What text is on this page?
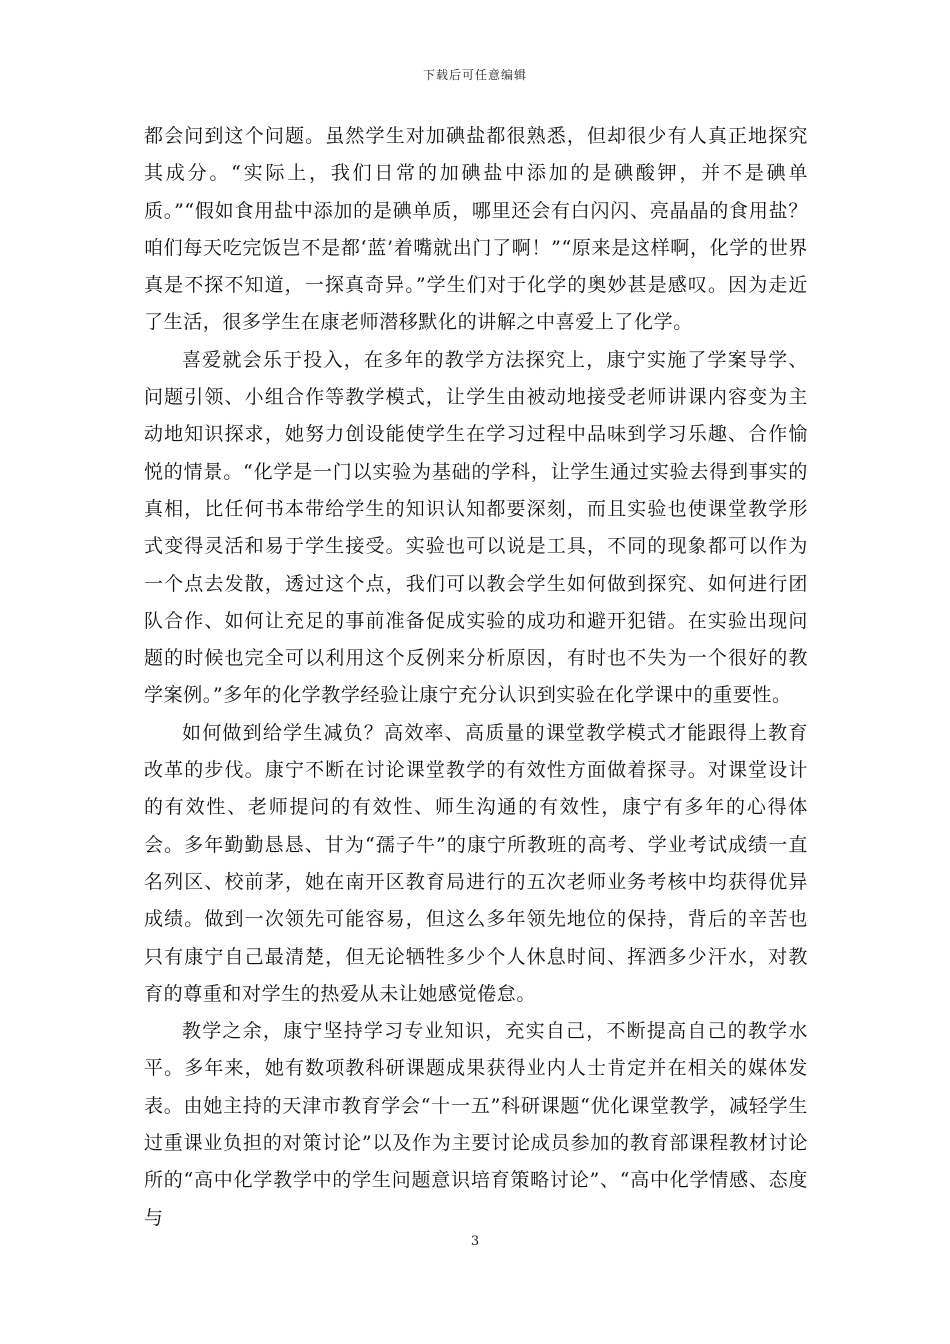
下载后可任意编辑

都会问到这个问题。虽然学生对加碘盐都很熟悉，但却很少有人真正地探究其成分。“实际上，我们日常的加碘盐中添加的是碘酸钾，并不是碘单质。”“假如食用盐中添加的是碘单质，哪里还会有白闪闪、亮晶晶的食用盐？咱们每天吃完饭岂不是都‘蓝’着嘴就出门了啊！”“原来是这样啊，化学的世界真是不探不知道，一探真奇异。”学生们对于化学的奥妙甚是感叹。因为走近了生活，很多学生在康老师潜移默化的讲解之中喜爱上了化学。

喜爱就会乐于投入，在多年的教学方法探究上，康宁实施了学案导学、问题引领、小组合作等教学模式，让学生由被动地接受老师讲课内容变为主动地知识探求，她努力创设能使学生在学习过程中品味到学习乐趣、合作愉悦的情景。“化学是一门以实验为基础的学科，让学生通过实验去得到事实的真相，比任何书本带给学生的知识认知都要深刻，而且实验也使课堂教学形式变得灵活和易于学生接受。实验也可以说是工具，不同的现象都可以作为一个点去发散，透过这个点，我们可以教会学生如何做到探究、如何进行团队合作、如何让充足的事前准备促成实验的成功和避开犯错。在实验出现问题的时候也完全可以利用这个反例来分析原因，有时也不失为一个很好的教学案例。”多年的化学教学经验让康宁充分认识到实验在化学课中的重要性。

如何做到给学生减负？高效率、高质量的课堂教学模式才能跟得上教育改革的步伐。康宁不断在讨论课堂教学的有效性方面做着探寻。对课堂设计的有效性、老师提问的有效性、师生沟通的有效性，康宁有多年的心得体会。多年勤勤恳恳、甘为“孺子牛”的康宁所教班的高考、学业考试成绩一直名列区、校前茅，她在南开区教育局进行的五次老师业务考核中均获得优异成绩。做到一次领先可能容易，但这么多年领先地位的保持，背后的辛苦也只有康宁自己最清楚，但无论牺牲多少个人休息时间、挥洒多少汗水，对教育的尊重和对学生的热爱从未让她感觉倦怠。

教学之余，康宁坚持学习专业知识，充实自己，不断提高自己的教学水平。多年来，她有数项教科研课题成果获得业内人士肯定并在相关的媒体发表。由她主持的天津市教育学会“十一五”科研课题“优化课堂教学，减轻学生过重课业负担的对策讨论”以及作为主要讨论成员参加的教育部课程教材讨论所的“高中化学教学中的学生问题意识培育策略讨论”、“高中化学情感、态度与

3
